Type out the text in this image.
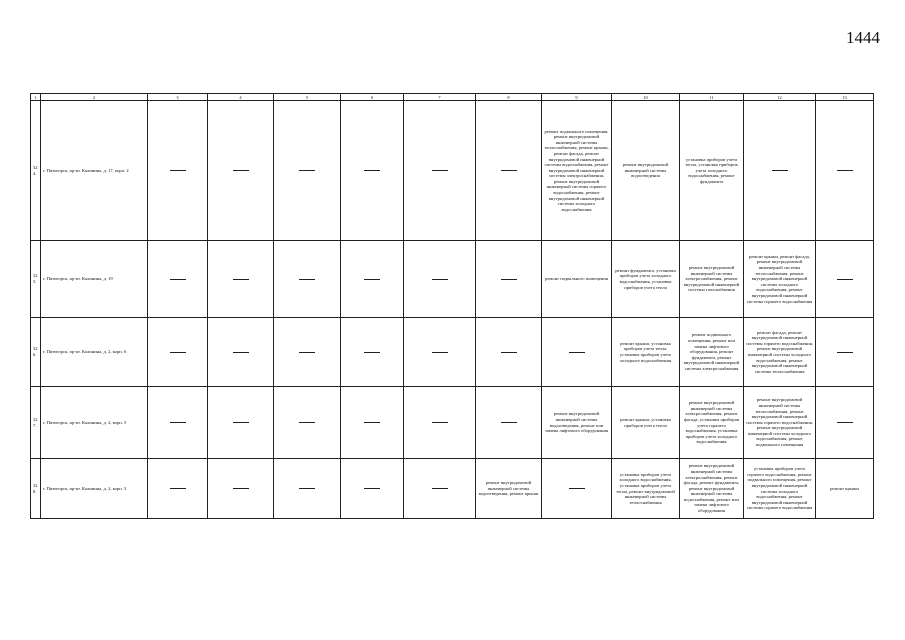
1444
1	2	3	4	5	6	7	8	9	10	11	12	13
324.	г. Пятигорск, пр-кт. Калинина, д. 17, корп. 2							ремонт подвального помещения, ремонт внутридомовой инженерной системы теплоснабжения, ремонт крыши, ремонт фасада, ремонт внутридомовой инженерной системы водоснабжения, ремонт внутридомовой инженерной системы электроснабжения, ремонт внутридомовой инженерной системы горячего водоснабжения, ремонт внутридомовой инженерной системы холодного водоснабжения	ремонт внутридомовой инженерной системы водоотведения	установка приборов учета тепла, установка приборов учета холодного водоснабжения, ремонт фундамента		
325.	г. Пятигорск, пр-кт. Калинина, д. 19							ремонт подвального помещения	ремонт фундамента, установка приборов учета холодного водоснабжения, установка приборов учета тепла	ремонт внутридомовой инженерной системы электроснабжения, ремонт внутридомовой инженерной системы газоснабжения	ремонт крыши, ремонт фасада, ремонт внутридомовой инженерной системы теплоснабжения, ремонт внутридомовой инженерной системы холодного водоснабжения, ремонт внутридомовой инженерной системы горячего водоснабжения	
326.	г. Пятигорск, пр-кт. Калинина, д. 2, корп. 6								ремонт крыши, установка приборов учета тепла, установка приборов учета холодного водоснабжения	ремонт подвального помещения, ремонт или замена лифтового оборудования, ремонт фундамента, ремонт внутридомовой инженерной системы электроснабжения	ремонт фасада, ремонт внутридомовой инженерной системы горячего водоснабжения, ремонт внутридомовой инженерной системы холодного водоснабжения, ремонт внутридомовой инженерной системы теплоснабжения	
327.	г. Пятигорск, пр-кт. Калинина, д. 2, корп. 5							ремонт внутридомовой инженерной системы водоотведения, ремонт или замена лифтового оборудования	ремонт крыши, установка приборов учета тепла	ремонт внутридомовой инженерной системы электроснабжения, ремонт фасада, установка приборов учета горячего водоснабжения, установка приборов учета холодного водоснабжения	ремонт внутридомовой инженерной системы теплоснабжения, ремонт внутридомовой инженерной системы горячего водоснабжения, ремонт внутридомовой инженерной системы холодного водоснабжения, ремонт подвального помещения	
328.	г. Пятигорск, пр-кт. Калинина, д. 2, корп. 3						ремонт внутридомовой инженерной системы водоотведения, ремонт крыши		установка приборов учета холодного водоснабжения, установка приборов учета тепла, ремонт внутридомовой инженерной системы теплоснабжения	ремонт внутридомовой инженерной системы электроснабжения, ремонт фасада, ремонт фундамента, ремонт внутридомовой инженерной системы водоснабжения, ремонт или замена лифтового оборудования	установка приборов учета горячего водоснабжения, ремонт подвального помещения, ремонт внутридомовой инженерной системы холодного водоснабжения, ремонт внутридомовой инженерной системы горячего водоснабжения	ремонт крыши
